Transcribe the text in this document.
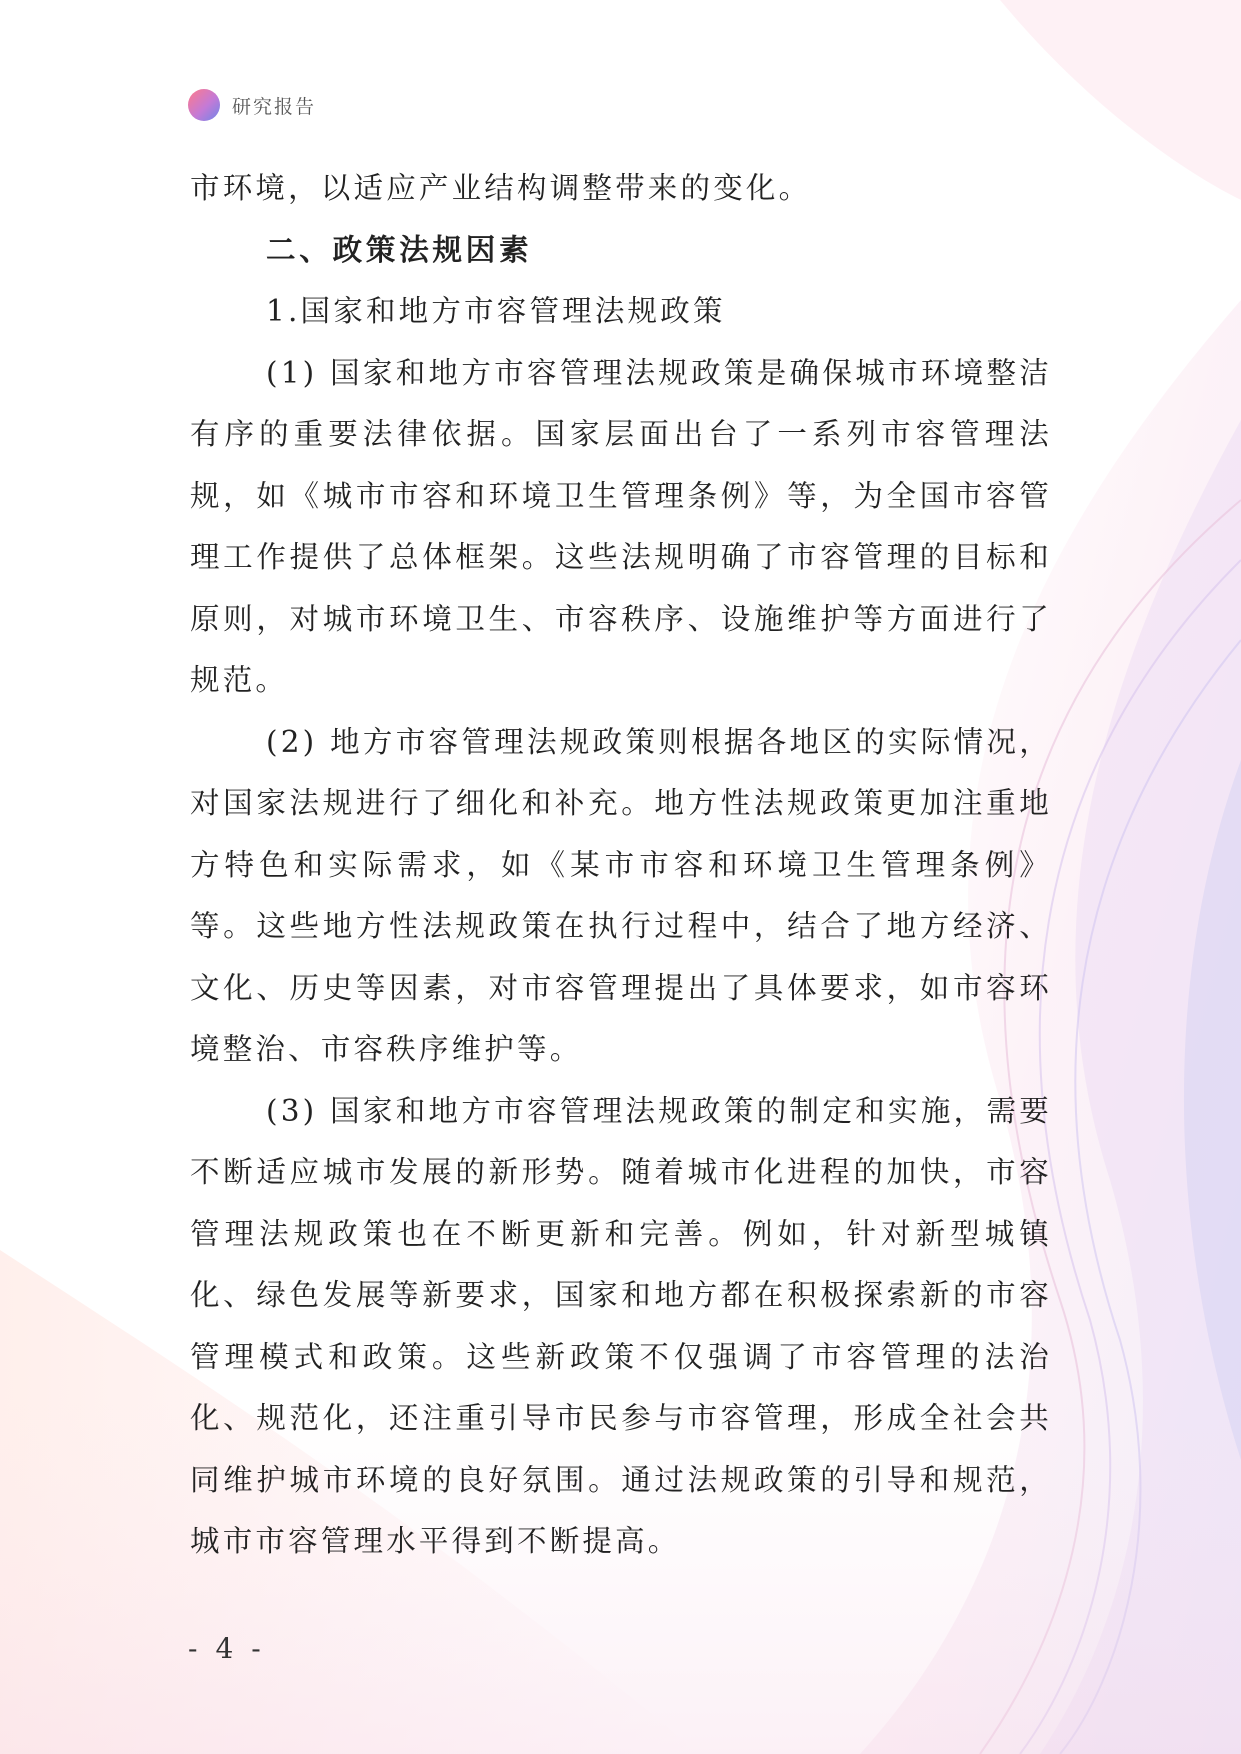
研究报告

市环境，以适应产业结构调整带来的变化。

二、政策法规因素

1.国家和地方市容管理法规政策

(1) 国家和地方市容管理法规政策是确保城市环境整洁有序的重要法律依据。国家层面出台了一系列市容管理法规，如《城市市容和环境卫生管理条例》等，为全国市容管理工作提供了总体框架。这些法规明确了市容管理的目标和原则，对城市环境卫生、市容秩序、设施维护等方面进行了规范。

(2) 地方市容管理法规政策则根据各地区的实际情况，对国家法规进行了细化和补充。地方性法规政策更加注重地方特色和实际需求，如《某市市容和环境卫生管理条例》等。这些地方性法规政策在执行过程中，结合了地方经济、文化、历史等因素，对市容管理提出了具体要求，如市容环境整治、市容秩序维护等。

(3) 国家和地方市容管理法规政策的制定和实施，需要不断适应城市发展的新形势。随着城市化进程的加快，市容管理法规政策也在不断更新和完善。例如，针对新型城镇化、绿色发展等新要求，国家和地方都在积极探索新的市容管理模式和政策。这些新政策不仅强调了市容管理的法治化、规范化，还注重引导市民参与市容管理，形成全社会共同维护城市环境的良好氛围。通过法规政策的引导和规范，城市市容管理水平得到不断提高。

- 4 -
